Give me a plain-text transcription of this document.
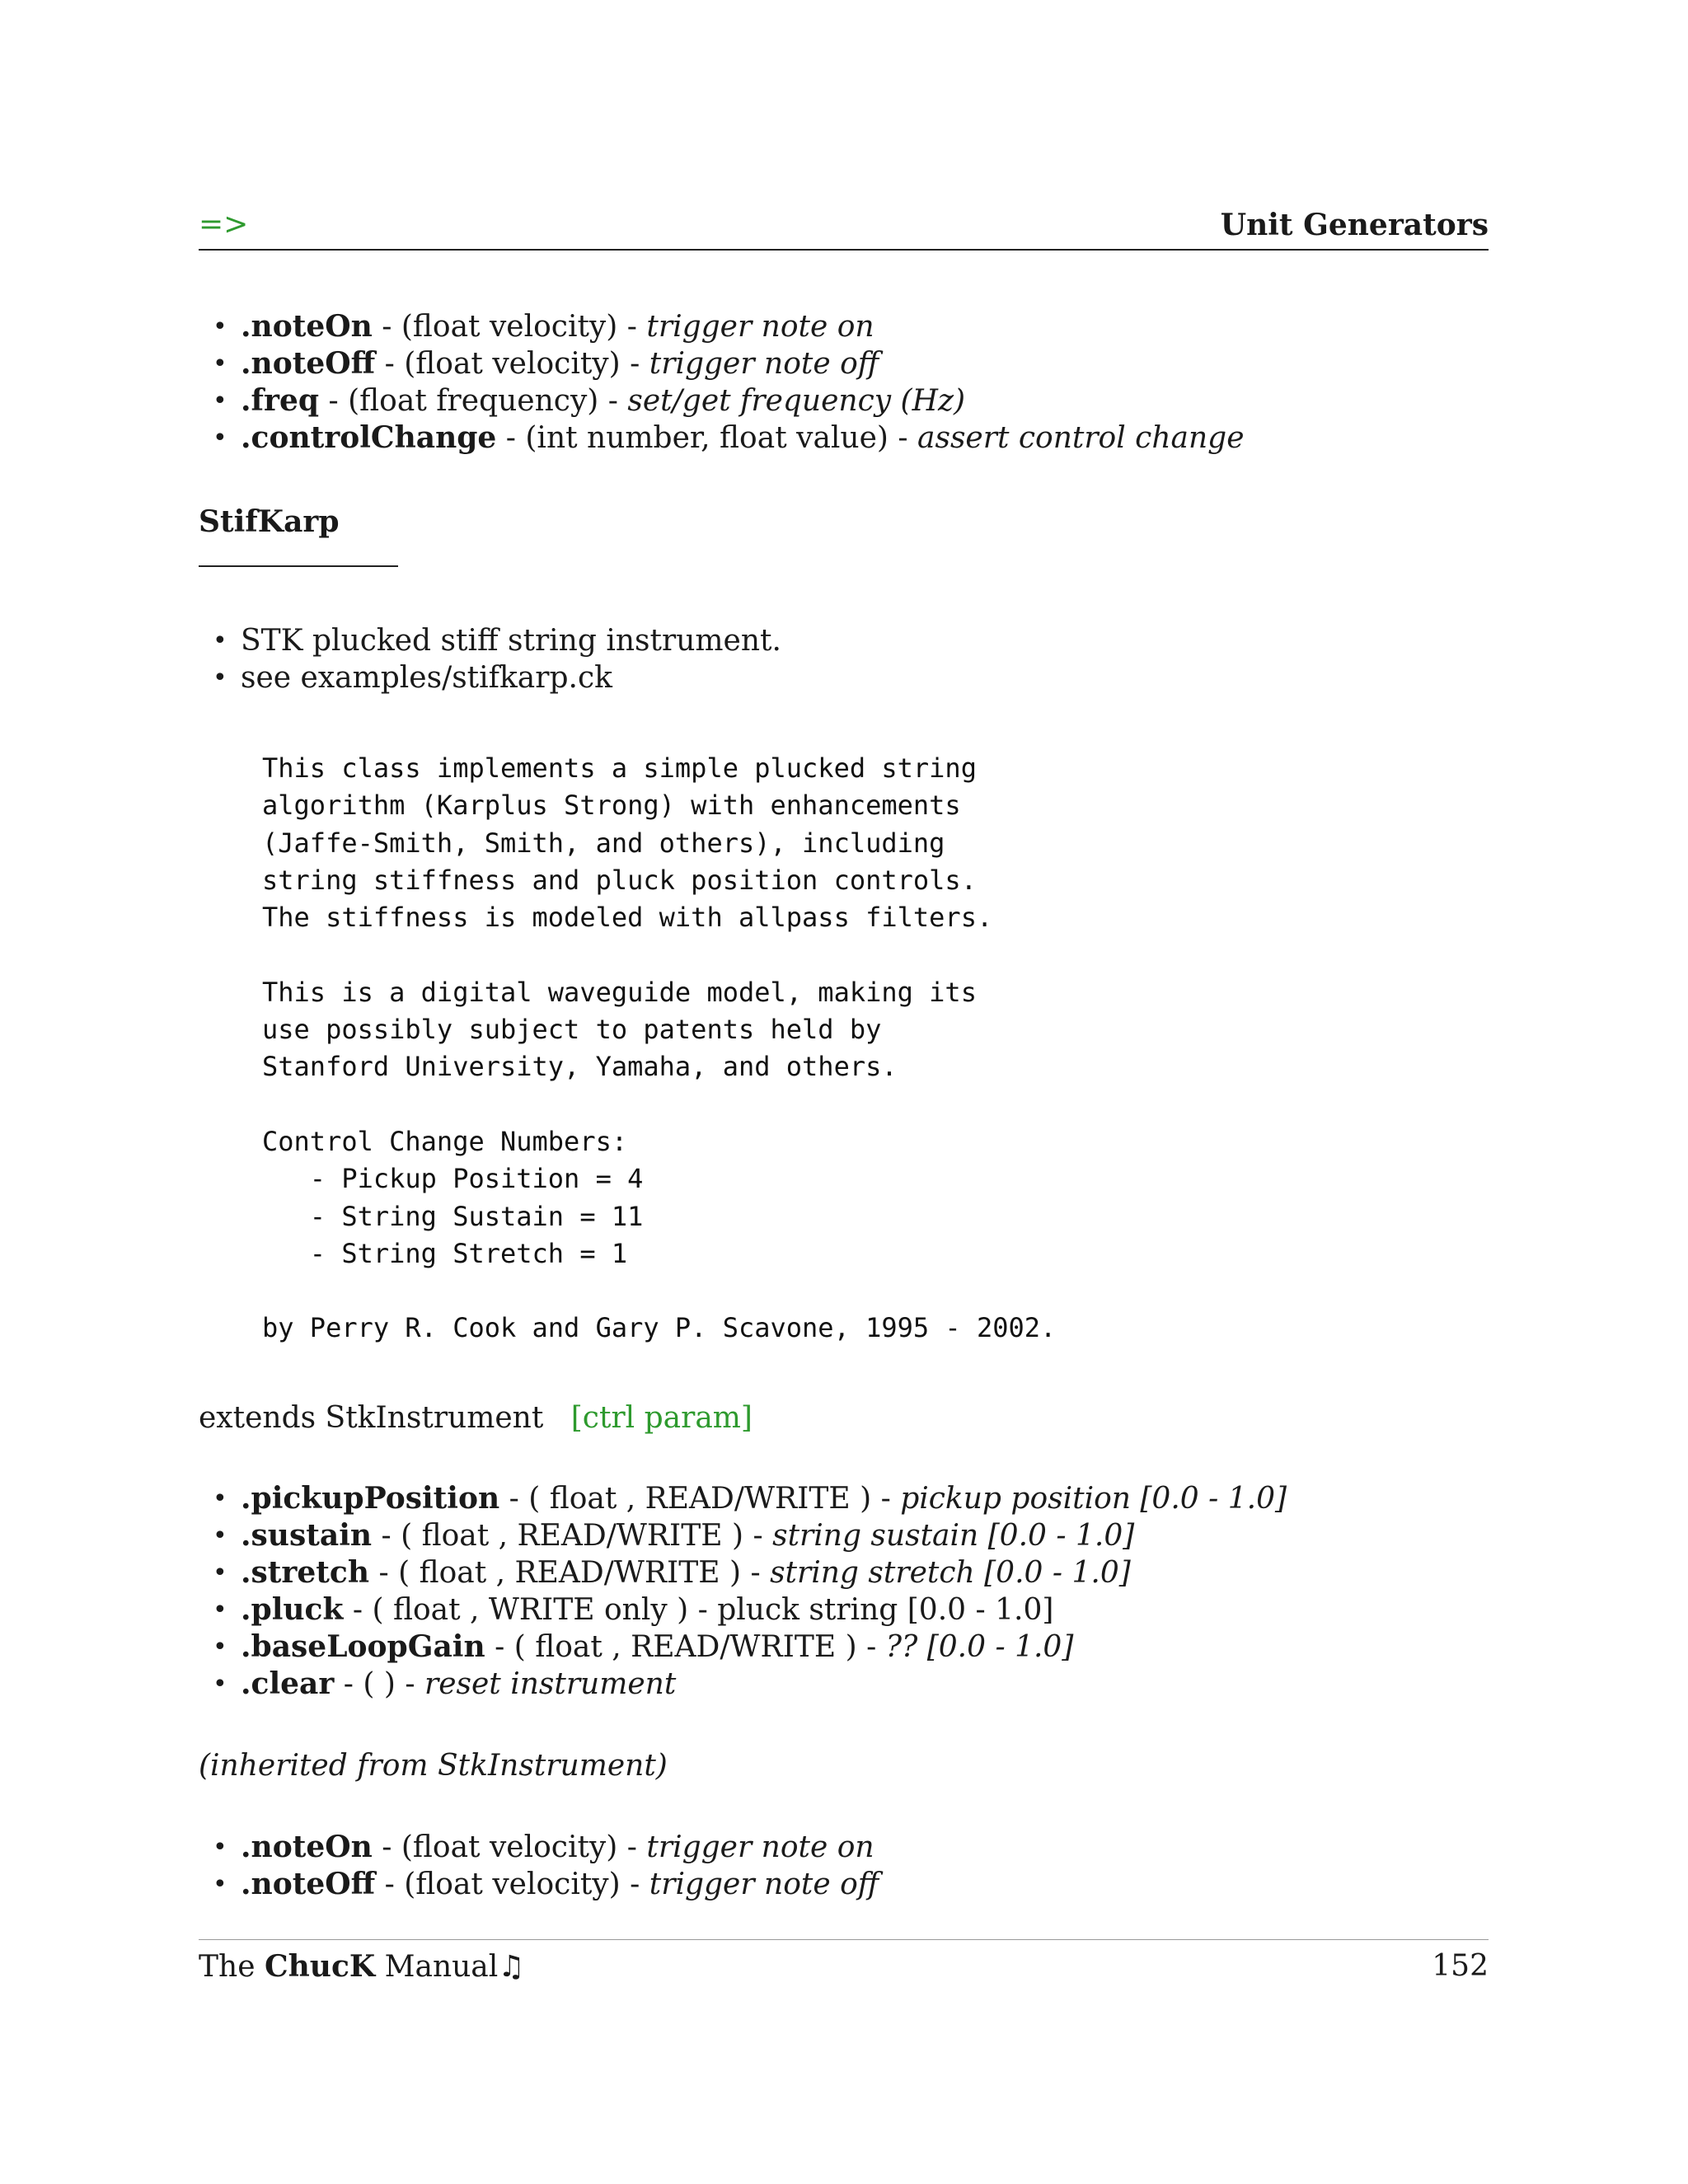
=>	Unit Generators
• .noteOn - (float velocity) - trigger note on
• .noteOff - (float velocity) - trigger note off
• .freq - (float frequency) - set/get frequency (Hz)
• .controlChange - (int number, float value) - assert control change
StifKarp
• STK plucked stiff string instrument.
• see examples/stifkarp.ck
This class implements a simple plucked string
algorithm (Karplus Strong) with enhancements
(Jaffe-Smith, Smith, and others), including
string stiffness and pluck position controls.
The stiffness is modeled with allpass filters.

This is a digital waveguide model, making its
use possibly subject to patents held by
Stanford University, Yamaha, and others.

Control Change Numbers:
- Pickup Position = 4
- String Sustain = 11
- String Stretch = 1

by Perry R. Cook and Gary P. Scavone, 1995 - 2002.
extends StkInstrument [ctrl param]
• .pickupPosition - ( float , READ/WRITE ) - pickup position [0.0 - 1.0]
• .sustain - ( float , READ/WRITE ) - string sustain [0.0 - 1.0]
• .stretch - ( float , READ/WRITE ) - string stretch [0.0 - 1.0]
• .pluck - ( float , WRITE only ) - pluck string [0.0 - 1.0]
• .baseLoopGain - ( float , READ/WRITE ) - ?? [0.0 - 1.0]
• .clear - ( ) - reset instrument
(inherited from StkInstrument)
• .noteOn - (float velocity) - trigger note on
• .noteOff - (float velocity) - trigger note off
The ChucK Manual♫	152
